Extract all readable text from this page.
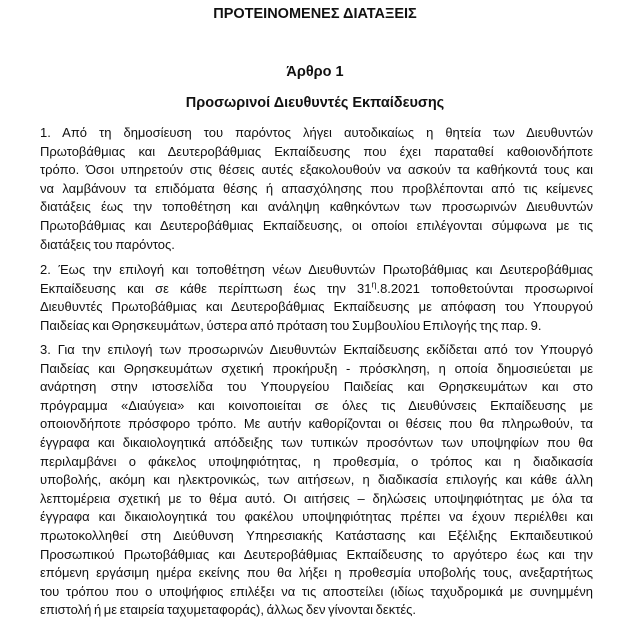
ΠΡΟΤΕΙΝΟΜΕΝΕΣ ΔΙΑΤΑΞΕΙΣ
Άρθρο 1
Προσωρινοί Διευθυντές Εκπαίδευσης

1. Από τη δημοσίευση του παρόντος λήγει αυτοδικαίως η θητεία των Διευθυντών
Πρωτοβάθμιας και Δευτεροβάθμιας Εκπαίδευσης που έχει παραταθεί καθοιονδήποτε
τρόπο. Όσοι υπηρετούν στις θέσεις αυτές εξακολουθούν να ασκούν τα καθήκοντά τους και
να λαμβάνουν τα επιδόματα θέσης ή απασχόλησης που προβλέπονται από τις κείμενες
διατάξεις έως την τοποθέτηση και ανάληψη καθηκόντων των προσωρινών Διευθυντών
Πρωτοβάθμιας και Δευτεροβάθμιας Εκπαίδευσης, οι οποίοι επιλέγονται σύμφωνα με τις
διατάξεις του παρόντος.

2. Έως την επιλογή και τοποθέτηση νέων Διευθυντών Πρωτοβάθμιας και Δευτεροβάθμιας
Εκπαίδευσης και σε κάθε περίπτωση έως την $31^\eta.8.2021$ τοποθετούνται προσωρινοί
Διευθυντές Πρωτοβάθμιας και Δευτεροβάθμιας Εκπαίδευσης με απόφαση του Υπουργού
Παιδείας και Θρησκευμάτων, ύστερα από πρόταση του Συμβουλίου Επιλογής της παρ. 9.

3. Για την επιλογή των προσωρινών Διευθυντών Εκπαίδευσης εκδίδεται από τον Υπουργό
Παιδείας και Θρησκευμάτων σχετική προκήρυξη - πρόσκληση, η οποία δημοσιεύεται με
ανάρτηση στην ιστοσελίδα του Υπουργείου Παιδείας και Θρησκευμάτων και στο
πρόγραμμα «Διαύγεια» και κοινοποιείται σε όλες τις Διευθύνσεις Εκπαίδευσης με
οποιονδήποτε πρόσφορο τρόπο. Με αυτήν καθορίζονται οι θέσεις που θα πληρωθούν, τα
έγγραφα και δικαιολογητικά απόδειξης των τυπικών προσόντων των υποψηφίων που θα
περιλαμβάνει ο φάκελος υποψηφιότητας, η προθεσμία, ο τρόπος και η διαδικασία
υποβολής, ακόμη και ηλεκτρονικώς, των αιτήσεων, η διαδικασία επιλογής και κάθε άλλη
λεπτομέρεια σχετική με το θέμα αυτό. Οι αιτήσεις – δηλώσεις υποψηφιότητας με όλα τα
έγγραφα και δικαιολογητικά του φακέλου υποψηφιότητας πρέπει να έχουν περιέλθει και
πρωτοκολληθεί στη Διεύθυνση Υπηρεσιακής Κατάστασης και Εξέλιξης Εκπαιδευτικού
Προσωπικού Πρωτοβάθμιας και Δευτεροβάθμιας Εκπαίδευσης το αργότερο έως και την
επόμενη εργάσιμη ημέρα εκείνης που θα λήξει η προθεσμία υποβολής τους, ανεξαρτήτως
του τρόπου που ο υποψήφιος επιλέξει να τις αποστείλει (ιδίως ταχυδρομικά με συνημμένη
επιστολή ή με εταιρεία ταχυμεταφοράς), άλλως δεν γίνονται δεκτές.
